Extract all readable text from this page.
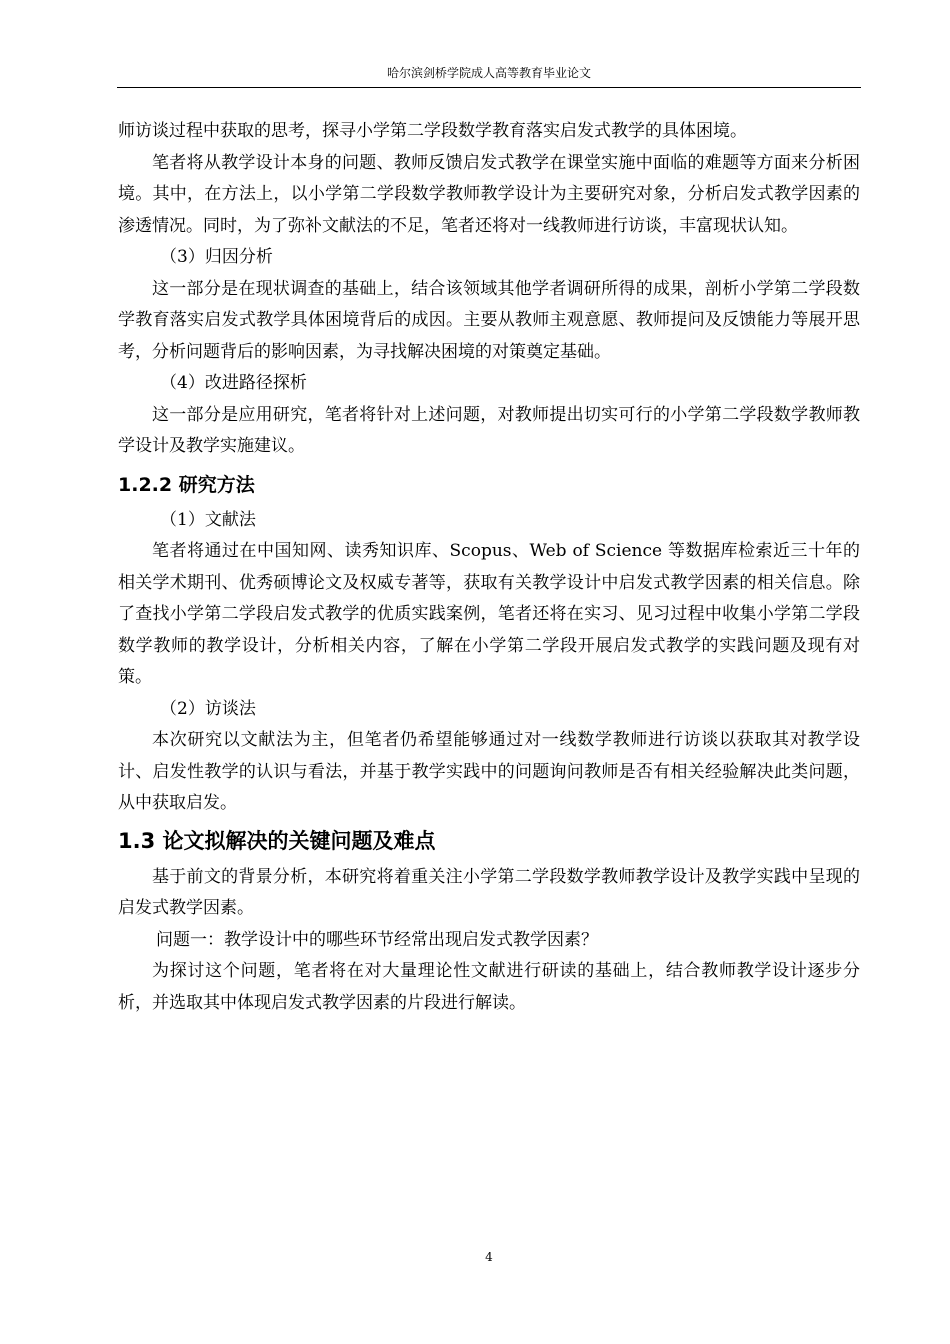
哈尔滨剑桥学院成人高等教育毕业论文

师访谈过程中获取的思考，探寻小学第二学段数学教育落实启发式教学的具体困境。

笔者将从教学设计本身的问题、教师反馈启发式教学在课堂实施中面临的难题等方面来分析困境。其中，在方法上，以小学第二学段数学教师教学设计为主要研究对象，分析启发式教学因素的渗透情况。同时，为了弥补文献法的不足，笔者还将对一线教师进行访谈，丰富现状认知。

（3）归因分析

这一部分是在现状调查的基础上，结合该领域其他学者调研所得的成果，剖析小学第二学段数学教育落实启发式教学具体困境背后的成因。主要从教师主观意愿、教师提问及反馈能力等展开思考，分析问题背后的影响因素，为寻找解决困境的对策奠定基础。

（4）改进路径探析

这一部分是应用研究，笔者将针对上述问题，对教师提出切实可行的小学第二学段数学教师教学设计及教学实施建议。

1.2.2 研究方法

（1）文献法

笔者将通过在中国知网、读秀知识库、Scopus、Web of Science 等数据库检索近三十年的相关学术期刊、优秀硕博论文及权威专著等，获取有关教学设计中启发式教学因素的相关信息。除了查找小学第二学段启发式教学的优质实践案例，笔者还将在实习、见习过程中收集小学第二学段数学教师的教学设计，分析相关内容，了解在小学第二学段开展启发式教学的实践问题及现有对策。

（2）访谈法

本次研究以文献法为主，但笔者仍希望能够通过对一线数学教师进行访谈以获取其对教学设计、启发性教学的认识与看法，并基于教学实践中的问题询问教师是否有相关经验解决此类问题，从中获取启发。

1.3 论文拟解决的关键问题及难点

基于前文的背景分析，本研究将着重关注小学第二学段数学教师教学设计及教学实践中呈现的启发式教学因素。

问题一：教学设计中的哪些环节经常出现启发式教学因素？

为探讨这个问题，笔者将在对大量理论性文献进行研读的基础上，结合教师教学设计逐步分析，并选取其中体现启发式教学因素的片段进行解读。

4
